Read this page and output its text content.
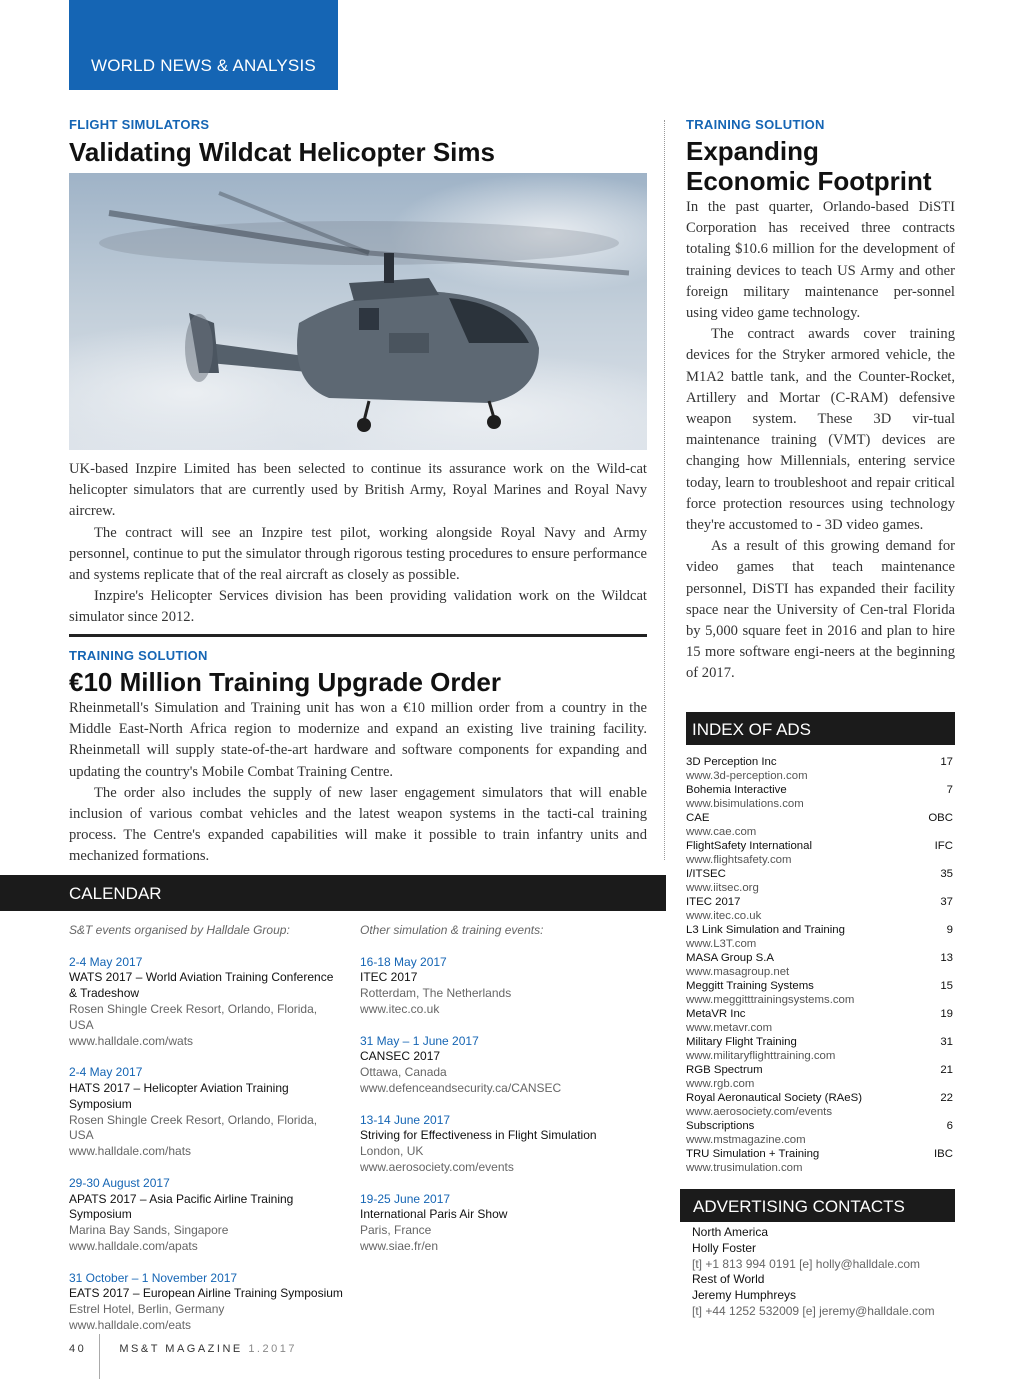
WORLD NEWS & ANALYSIS
FLIGHT SIMULATORS
Validating Wildcat Helicopter Sims

UK-based Inzpire Limited has been selected to continue its assurance work on the Wild-cat helicopter simulators that are currently used by British Army, Royal Marines and Royal Navy aircrew.

The contract will see an Inzpire test pilot, working alongside Royal Navy and Army personnel, continue to put the simulator through rigorous testing procedures to ensure performance and systems replicate that of the real aircraft as closely as possible.

Inzpire's Helicopter Services division has been providing validation work on the Wildcat simulator since 2012.

TRAINING SOLUTION
€10 Million Training Upgrade Order

Rheinmetall's Simulation and Training unit has won a €10 million order from a country in the Middle East-North Africa region to modernize and expand an existing live training facility. Rheinmetall will supply state-of-the-art hardware and software components for expanding and updating the country's Mobile Combat Training Centre.

The order also includes the supply of new laser engagement simulators that will enable inclusion of various combat vehicles and the latest weapon systems in the tacti-cal training process. The Centre's expanded capabilities will make it possible to train infantry units and mechanized formations.

TRAINING SOLUTION
Expanding
Economic Footprint

In the past quarter, Orlando-based DiSTI Corporation has received three contracts totaling $10.6 million for the development of training devices to teach US Army and other foreign military maintenance per-sonnel using video game technology.

The contract awards cover training devices for the Stryker armored vehicle, the M1A2 battle tank, and the Counter-Rocket, Artillery and Mortar (C-RAM) defensive weapon system. These 3D vir-tual maintenance training (VMT) devices are changing how Millennials, entering service today, learn to troubleshoot and repair critical force protection resources using technology they're accustomed to - 3D video games.

As a result of this growing demand for video games that teach maintenance personnel, DiSTI has expanded their facility space near the University of Cen-tral Florida by 5,000 square feet in 2016 and plan to hire 15 more software engi-neers at the beginning of 2017.

CALENDAR
S&T events organised by Halldale Group:
2-4 May 2017
WATS 2017 – World Aviation Training Conference & Tradeshow
Rosen Shingle Creek Resort, Orlando, Florida, USA
www.halldale.com/wats
2-4 May 2017
HATS 2017 – Helicopter Aviation Training Symposium
Rosen Shingle Creek Resort, Orlando, Florida, USA
www.halldale.com/hats
29-30 August 2017
APATS 2017 – Asia Pacific Airline Training Symposium
Marina Bay Sands, Singapore
www.halldale.com/apats
31 October – 1 November 2017
EATS 2017 – European Airline Training Symposium
Estrel Hotel, Berlin, Germany
www.halldale.com/eats
Other simulation & training events:
16-18 May 2017
ITEC 2017
Rotterdam, The Netherlands
www.itec.co.uk
31 May – 1 June 2017
CANSEC 2017
Ottawa, Canada
www.defenceandsecurity.ca/CANSEC
13-14 June 2017
Striving for Effectiveness in Flight Simulation
London, UK
www.aerosociety.com/events
19-25 June 2017
International Paris Air Show
Paris, France
www.siae.fr/en
INDEX OF ADS
3D Perception Inc	17
www.3d-perception.com
Bohemia Interactive	7
www.bisimulations.com
CAE	OBC
www.cae.com
FlightSafety International	IFC
www.flightsafety.com
I/ITSEC	35
www.iitsec.org
ITEC 2017	37
www.itec.co.uk
L3 Link Simulation and Training	9
www.L3T.com
MASA Group S.A	13
www.masagroup.net
Meggitt Training Systems	15
www.meggitttrainingsystems.com
MetaVR Inc	19
www.metavr.com
Military Flight Training	31
www.militaryflighttraining.com
RGB Spectrum	21
www.rgb.com
Royal Aeronautical Society (RAeS)	22
www.aerosociety.com/events
Subscriptions	6
www.mstmagazine.com
TRU Simulation + Training	IBC
www.trusimulation.com
ADVERTISING CONTACTS
North America
Holly Foster
[t] +1 813 994 0191 [e] holly@halldale.com
Rest of World
Jeremy Humphreys
[t] +44 1252 532009 [e] jeremy@halldale.com
40	MS&T MAGAZINE 1.2017
